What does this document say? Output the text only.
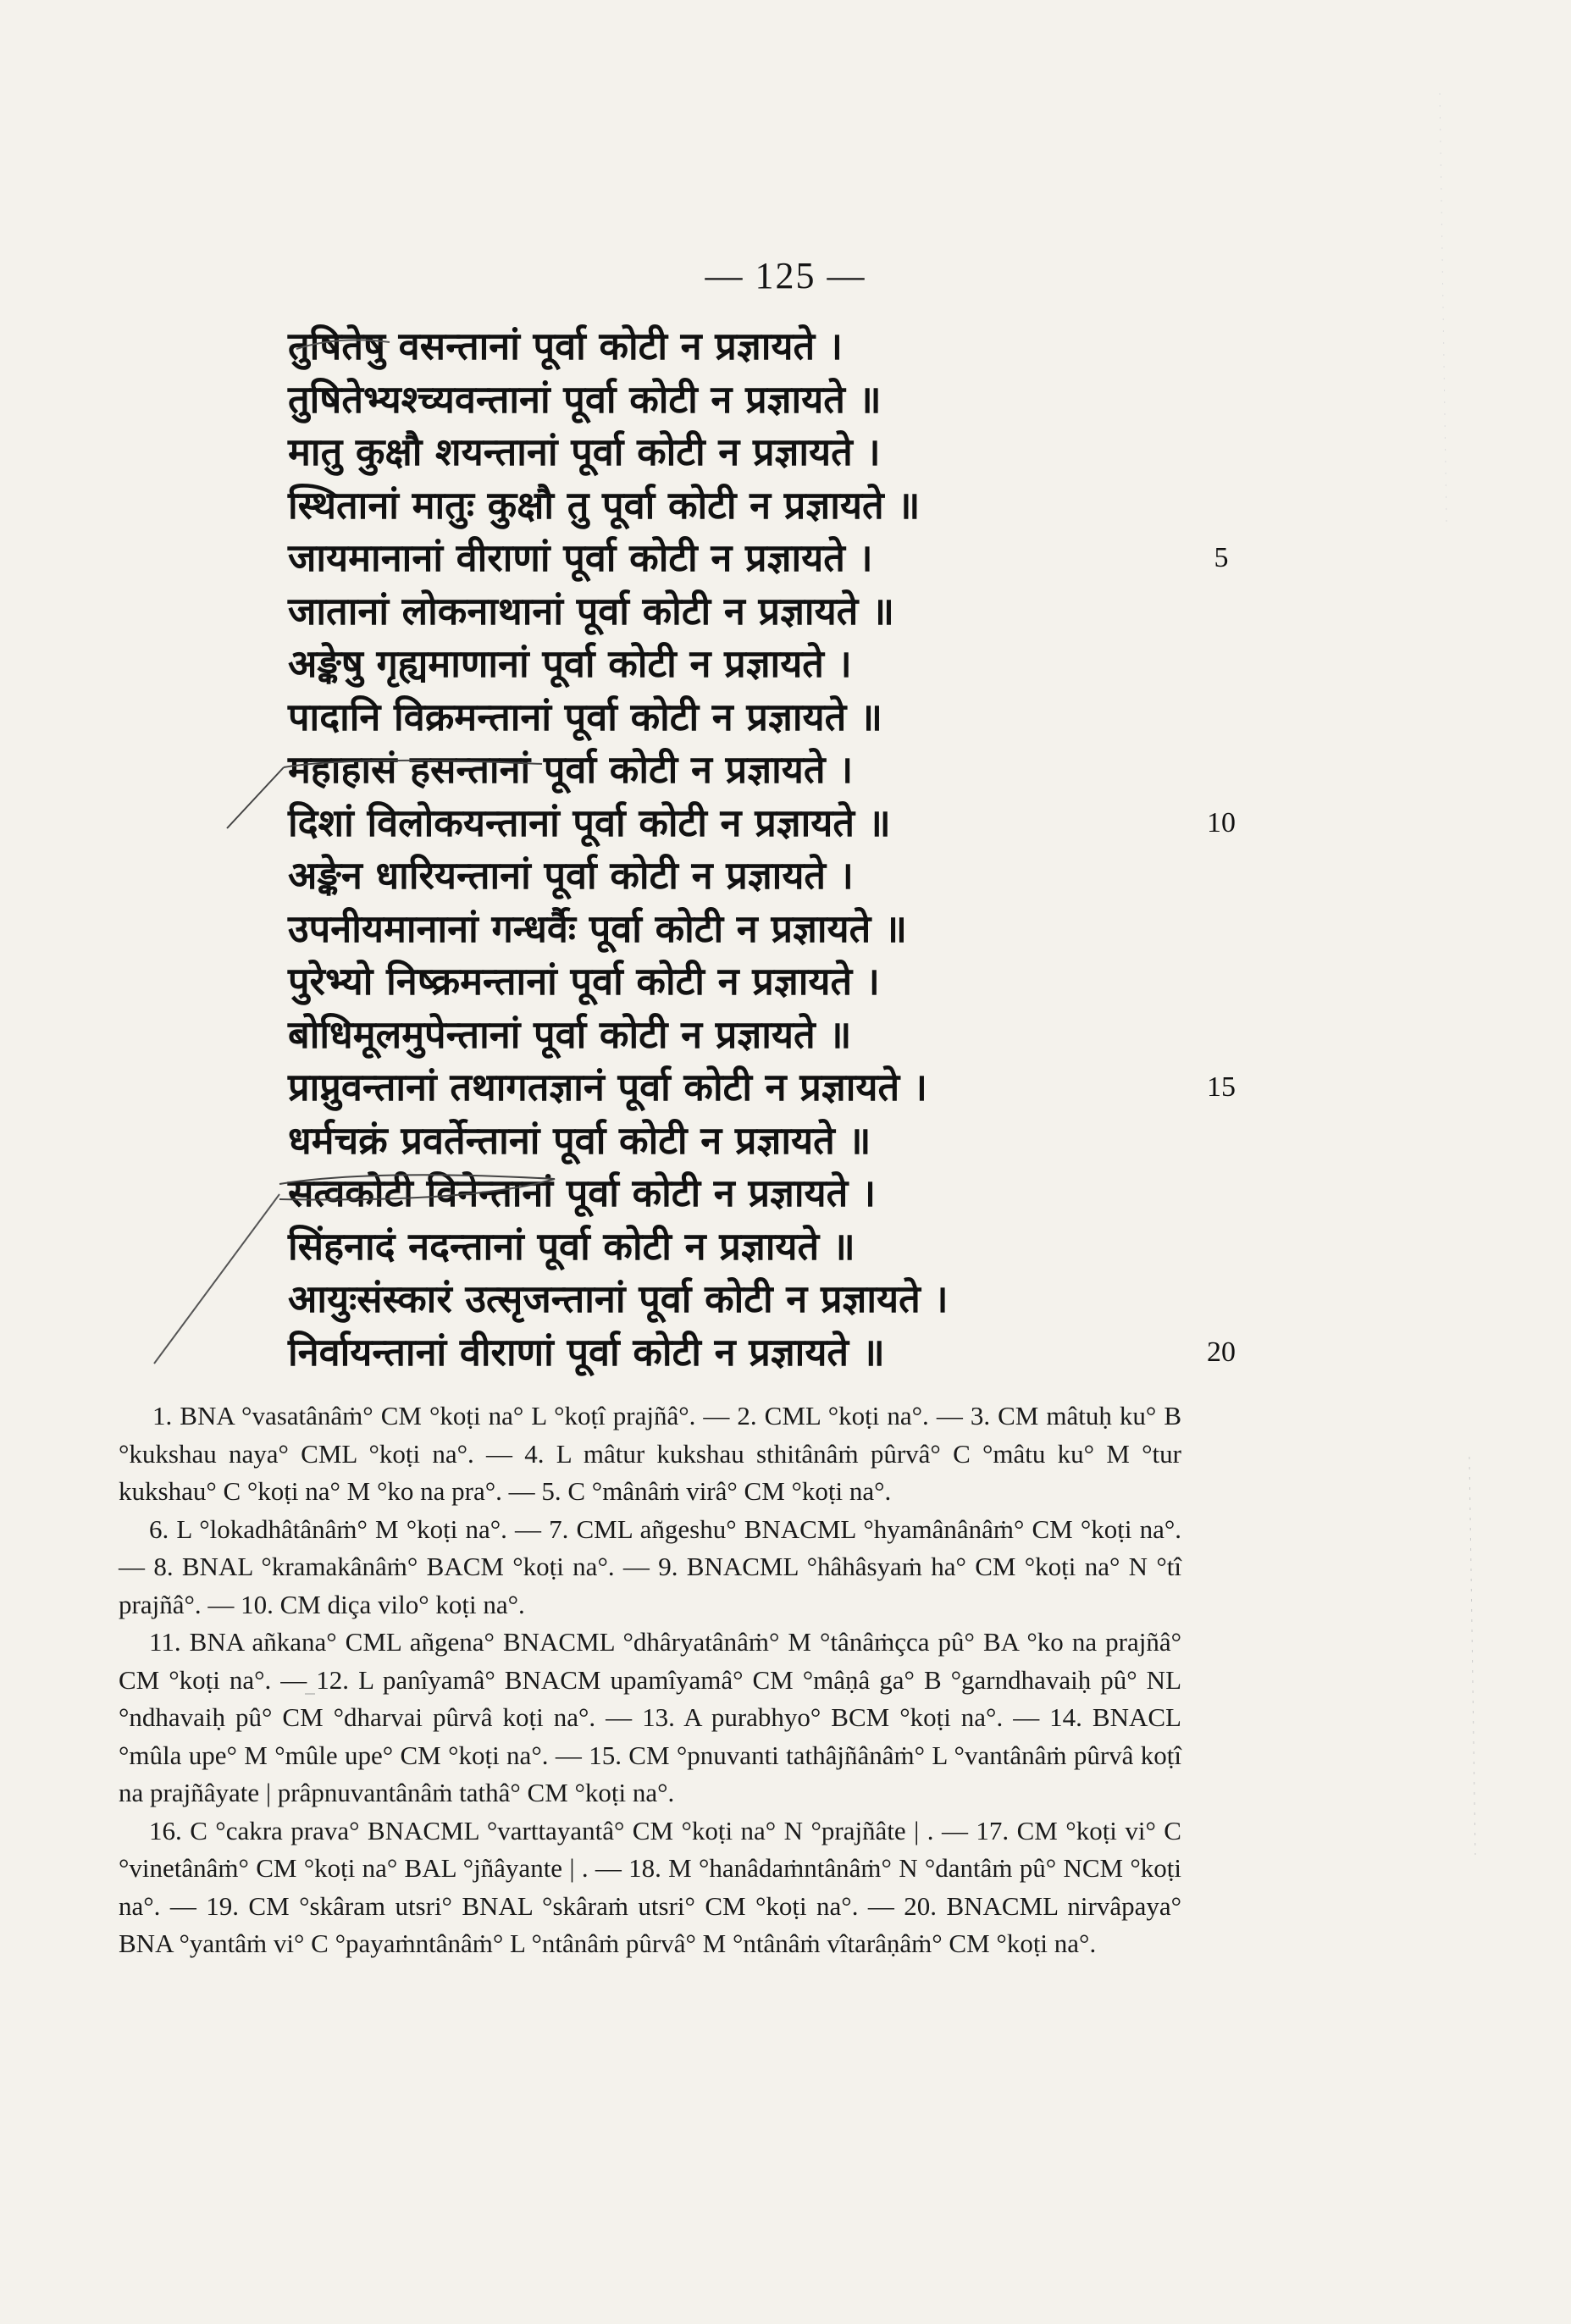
— 125 —
तुषितेषु वसन्तानां पूर्वा कोटी न प्रज्ञायते ।
तुषितेभ्यश्च्यवन्तानां पूर्वा कोटी न प्रज्ञायते ॥
मातु कुक्षौ शयन्तानां पूर्वा कोटी न प्रज्ञायते ।
स्थितानां मातुः कुक्षौ तु पूर्वा कोटी न प्रज्ञायते ॥
जायमानानां वीराणां पूर्वा कोटी न प्रज्ञायते ।	5
जातानां लोकनाथानां पूर्वा कोटी न प्रज्ञायते ॥
अङ्केषु गृह्यमाणानां पूर्वा कोटी न प्रज्ञायते ।
पादानि विक्रमन्तानां पूर्वा कोटी न प्रज्ञायते ॥
महाहासं हसन्तानां पूर्वा कोटी न प्रज्ञायते ।
दिशां विलोकयन्तानां पूर्वा कोटी न प्रज्ञायते ॥	10
अङ्केन धारियन्तानां पूर्वा कोटी न प्रज्ञायते ।
उपनीयमानानां गन्धर्वैः पूर्वा कोटी न प्रज्ञायते ॥
पुरेभ्यो निष्क्रमन्तानां पूर्वा कोटी न प्रज्ञायते ।
बोधिमूलमुपेन्तानां पूर्वा कोटी न प्रज्ञायते ॥
प्राप्नुवन्तानां तथागतज्ञानं पूर्वा कोटी न प्रज्ञायते ।	15
धर्मचक्रं प्रवर्तेन्तानां पूर्वा कोटी न प्रज्ञायते ॥
सत्वकोटी विनेन्तानां पूर्वा कोटी न प्रज्ञायते ।
सिंहनादं नदन्तानां पूर्वा कोटी न प्रज्ञायते ॥
आयुःसंस्कारं उत्सृजन्तानां पूर्वा कोटी न प्रज्ञायते ।
निर्वायन्तानां वीराणां पूर्वा कोटी न प्रज्ञायते ॥	20

1. BNA °vasatânâṁ° CM °koṭi na° L °koṭî prajñâ°. — 2. CML °koṭi na°. — 3. CM mâtuḥ ku° B °kukshau naya° CML °koṭi na°. — 4. L mâtur kukshau sthitânâṁ pûrvâ° C °mâtu ku° M °tur kukshau° C °koṭi na° M °ko na pra°. — 5. C °mânâṁ virâ° CM °koṭi na°.

6. L °lokadhâtânâṁ° M °koṭi na°. — 7. CML añgeshu° BNACML °hyamânânâṁ° CM °koṭi na°. — 8. BNAL °kramakânâṁ° BACM °koṭi na°. — 9. BNACML °hâhâsyaṁ ha° CM °koṭi na° N °tî prajñâ°. — 10. CM diça vilo° koṭi na°.

11. BNA añkana° CML añgena° BNACML °dhâryatânâṁ° M °tânâṁçca pû° BA °ko na prajñâ° CM °koṭi na°. — 12. L panîyamâ° BNACM upamîyamâ° CM °mâṇâ ga° B °garndhavaiḥ pû° NL °ndhavaiḥ pû° CM °dharvai pûrvâ koṭi na°. — 13. A purabhyo° BCM °koṭi na°. — 14. BNACL °mûla upe° M °mûle upe° CM °koṭi na°. — 15. CM °pnuvanti tathâjñânâṁ° L °vantânâṁ pûrvâ koṭî na prajñâyate | prâpnuvantânâṁ tathâ° CM °koṭi na°.

16. C °cakra prava° BNACML °varttayantâ° CM °koṭi na° N °prajñâte | . — 17. CM °koṭi vi° C °vinetânâṁ° CM °koṭi na° BAL °jñâyante | . — 18. M °hanâdaṁntânâṁ° N °dantâṁ pû° NCM °koṭi na°. — 19. CM °skâram utsri° BNAL °skâraṁ utsri° CM °koṭi na°. — 20. BNACML nirvâpaya° BNA °yantâṁ vi° C °payaṁntânâṁ° L °ntânâṁ pûrvâ° M °ntânâṁ vîtarâṇâṁ° CM °koṭi na°.
